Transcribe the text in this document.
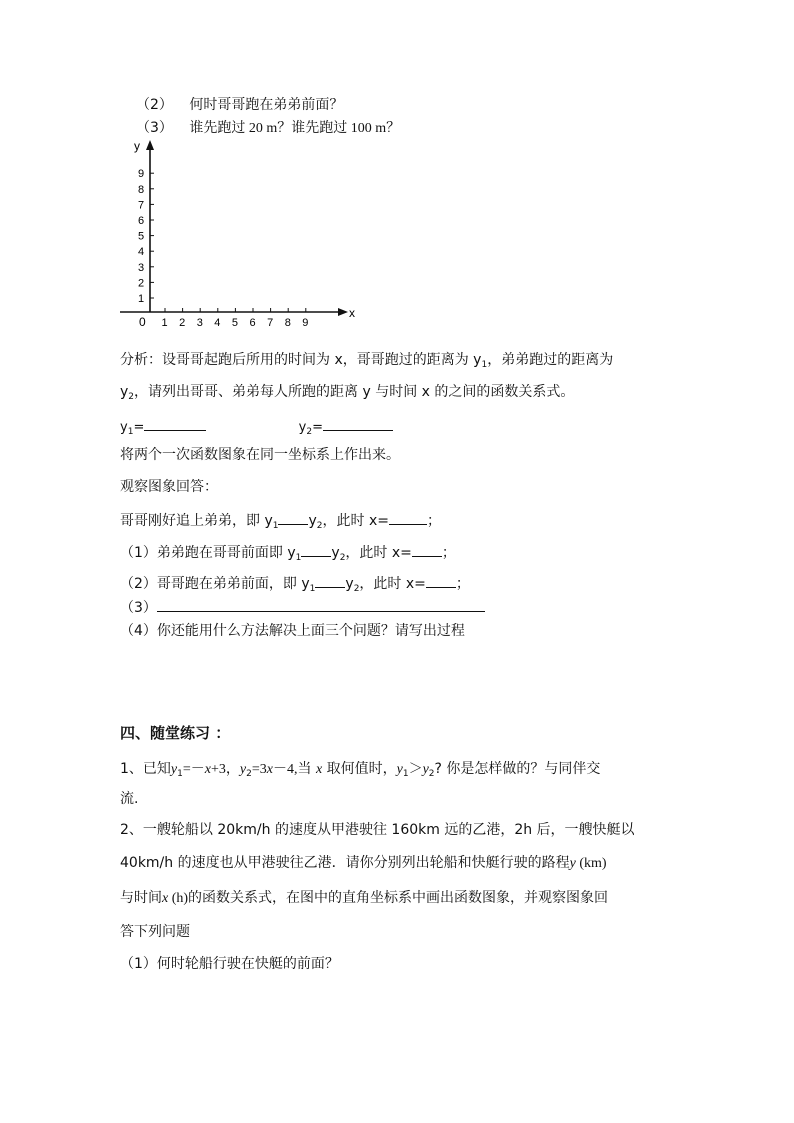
（2） 何时哥哥跑在弟弟前面？
（3） 谁先跑过 20 m？谁先跑过 100 m？
x
y
0 1 2 3 4 5 6 7 8 9
1
2
3
4
5
6
7
8
9
分析：设哥哥起跑后所用的时间为 x，哥哥跑过的距离为 $y_1$，弟弟跑过的距离为
$y_2$，请列出哥哥、弟弟每人所跑的距离 y 与时间 x 的之间的函数关系式。
$y_1=$	$y_2=$
将两个一次函数图象在同一坐标系上作出来。
观察图象回答：
哥哥刚好追上弟弟，即 $y_1$ $y_2$，此时 x=	；
（1）弟弟跑在哥哥前面即 $y_1$ $y_2$，此时 x= ；
（2）哥哥跑在弟弟前面，即 $y_1$ $y_2$，此时 x= ；
（3）
（4）你还能用什么方法解决上面三个问题？请写出过程
四、随堂练习 ：
1、已知$y_1=-x+3$，$y_2=3x-4$,当 x 取何值时，$y_1>y_2$? 你是怎样做的？与同伴交
流.
2、一艘轮船以 20km/h 的速度从甲港驶往 160km 远的乙港，2h 后，一艘快艇以
40km/h 的速度也从甲港驶往乙港．请你分别列出轮船和快艇行驶的路程y (km)
与时间x (h)的函数关系式，在图中的直角坐标系中画出函数图象，并观察图象回
答下列问题
（1）何时轮船行驶在快艇的前面？
